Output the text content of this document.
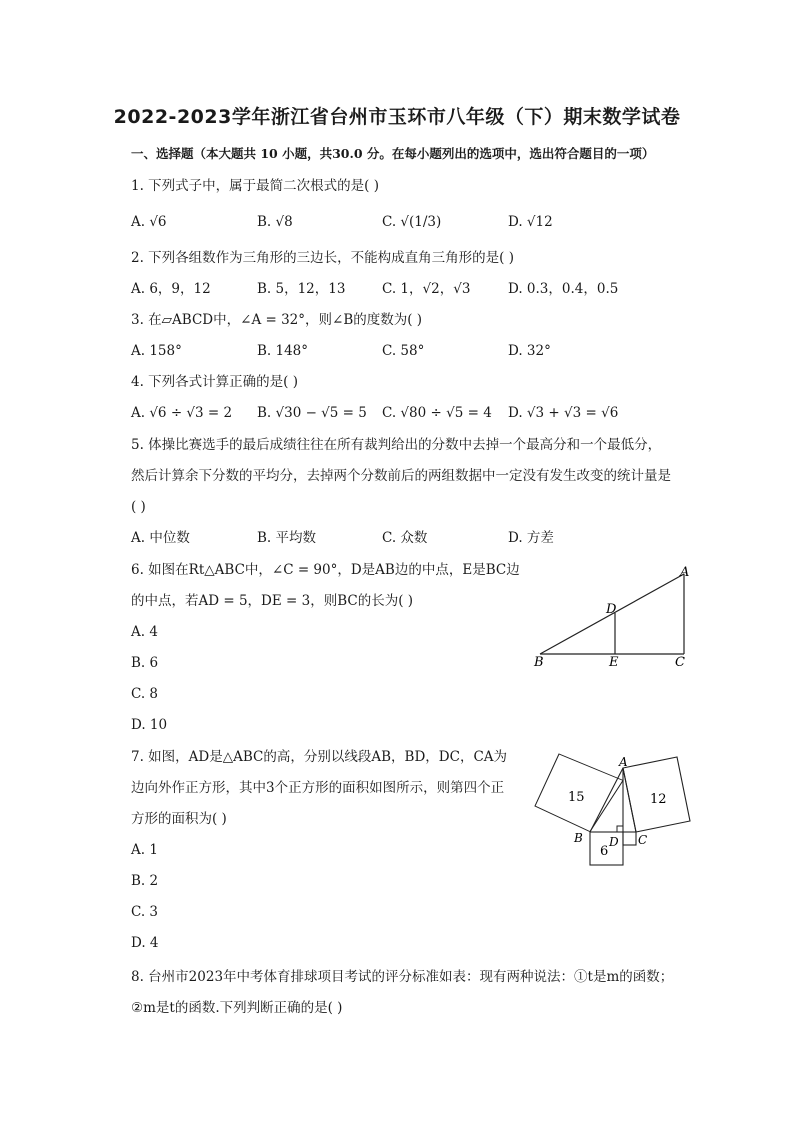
2022-2023学年浙江省台州市玉环市八年级（下）期末数学试卷
一、选择题（本大题共 10 小题，共30.0 分。在每小题列出的选项中，选出符合题目的一项）
1. 下列式子中，属于最简二次根式的是( )
A. √6	B. √8	C. √(1/3)	D. √12
2. 下列各组数作为三角形的三边长，不能构成直角三角形的是( )
A. 6，9，12	B. 5，12，13	C. 1，√2，√3	D. 0.3，0.4，0.5
3. 在▱ABCD中，∠A = 32°，则∠B的度数为( )
A. 158°	B. 148°	C. 58°	D. 32°
4. 下列各式计算正确的是( )
A. √6 ÷ √3 = 2 B. √30 − √5 = 5 C. √80 ÷ √5 = 4 D. √3 + √3 = √6
5. 体操比赛选手的最后成绩往往在所有裁判给出的分数中去掉一个最高分和一个最低分，
然后计算余下分数的平均分，去掉两个分数前后的两组数据中一定没有发生改变的统计量是
( )
A. 中位数	B. 平均数	C. 众数	D. 方差
6. 如图在Rt△ABC中，∠C = 90°，D是AB边的中点，E是BC边
的中点，若AD = 5，DE = 3，则BC的长为( )
A. 4
B. 6
C. 8
D. 10
A
B	C
D
E
7. 如图，AD是△ABC的高，分别以线段AB，BD，DC，CA为
边向外作正方形，其中3个正方形的面积如图所示，则第四个正
方形的面积为( )
A. 1
B. 2
C. 3
D. 4
A
B	C
D
15	12
6
8. 台州市2023年中考体育排球项目考试的评分标准如表：现有两种说法：①t是m的函数；
②m是t的函数.下列判断正确的是( )
